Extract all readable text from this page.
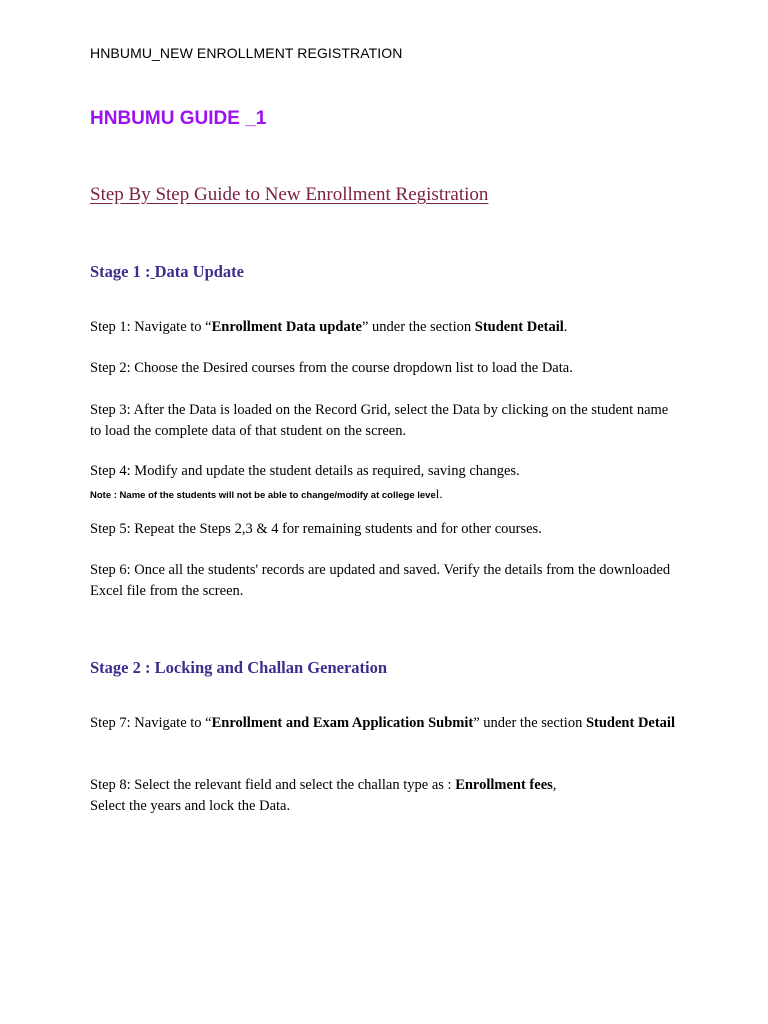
HNBUMU_NEW ENROLLMENT REGISTRATION
HNBUMU GUIDE _1
Step By Step Guide to New Enrollment Registration
Stage 1 : Data Update
Step 1: Navigate to “Enrollment Data update” under the section Student Detail.
Step 2: Choose the Desired courses from the course dropdown list to load the Data.
Step 3: After the Data is loaded on the Record Grid, select the Data by clicking on the student name to load the complete data of that student on the screen.
Step 4: Modify and update the student details as required, saving changes.
Note : Name of the students will not be able to change/modify at college level.
Step 5: Repeat the Steps 2,3 & 4 for remaining students and for other courses.
Step 6: Once all the students' records are updated and saved. Verify the details from the downloaded Excel file from the screen.
Stage 2 : Locking and Challan Generation
Step 7: Navigate to “Enrollment and Exam Application Submit” under the section Student Detail
Step 8: Select the relevant field and select the challan type as : Enrollment fees,
Select the years and lock the Data.
